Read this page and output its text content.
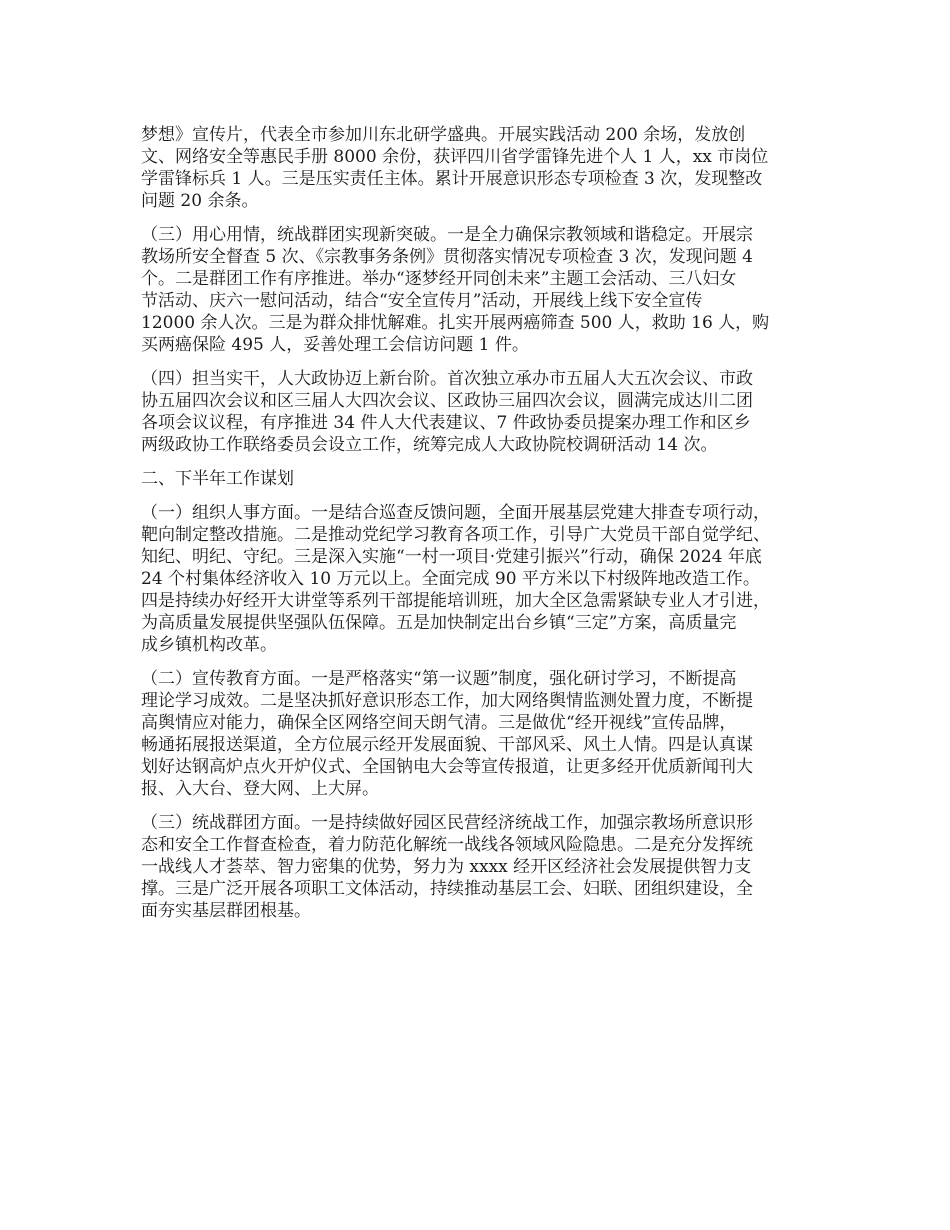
梦想》宣传片，代表全市参加川东北研学盛典。开展实践活动 200 余场，发放创
文、网络安全等惠民手册 8000 余份，获评四川省学雷锋先进个人 1 人，xx 市岗位
学雷锋标兵 1 人。三是压实责任主体。累计开展意识形态专项检查 3 次，发现整改
问题 20 余条。

（三）用心用情，统战群团实现新突破。一是全力确保宗教领域和谐稳定。开展宗
教场所安全督查 5 次、《宗教事务条例》贯彻落实情况专项检查 3 次，发现问题 4
个。二是群团工作有序推进。举办“逐梦经开同创未来”主题工会活动、三八妇女
节活动、庆六一慰问活动，结合“安全宣传月”活动，开展线上线下安全宣传
12000 余人次。三是为群众排忧解难。扎实开展两癌筛查 500 人，救助 16 人，购
买两癌保险 495 人，妥善处理工会信访问题 1 件。

（四）担当实干，人大政协迈上新台阶。首次独立承办市五届人大五次会议、市政
协五届四次会议和区三届人大四次会议、区政协三届四次会议，圆满完成达川二团
各项会议议程，有序推进 34 件人大代表建议、7 件政协委员提案办理工作和区乡
两级政协工作联络委员会设立工作，统筹完成人大政协院校调研活动 14 次。

二、下半年工作谋划

（一）组织人事方面。一是结合巡查反馈问题，全面开展基层党建大排查专项行动，
靶向制定整改措施。二是推动党纪学习教育各项工作，引导广大党员干部自觉学纪、
知纪、明纪、守纪。三是深入实施“一村一项目·党建引振兴”行动，确保 2024 年底
24 个村集体经济收入 10 万元以上。全面完成 90 平方米以下村级阵地改造工作。
四是持续办好经开大讲堂等系列干部提能培训班，加大全区急需紧缺专业人才引进，
为高质量发展提供坚强队伍保障。五是加快制定出台乡镇“三定”方案，高质量完
成乡镇机构改革。

（二）宣传教育方面。一是严格落实“第一议题”制度，强化研讨学习，不断提高
理论学习成效。二是坚决抓好意识形态工作，加大网络舆情监测处置力度，不断提
高舆情应对能力，确保全区网络空间天朗气清。三是做优“经开视线”宣传品牌，
畅通拓展报送渠道，全方位展示经开发展面貌、干部风采、风土人情。四是认真谋
划好达钢高炉点火开炉仪式、全国钠电大会等宣传报道，让更多经开优质新闻刊大
报、入大台、登大网、上大屏。

（三）统战群团方面。一是持续做好园区民营经济统战工作，加强宗教场所意识形
态和安全工作督查检查，着力防范化解统一战线各领域风险隐患。二是充分发挥统
一战线人才荟萃、智力密集的优势，努力为 xxxx 经开区经济社会发展提供智力支
撑。三是广泛开展各项职工文体活动，持续推动基层工会、妇联、团组织建设，全
面夯实基层群团根基。
